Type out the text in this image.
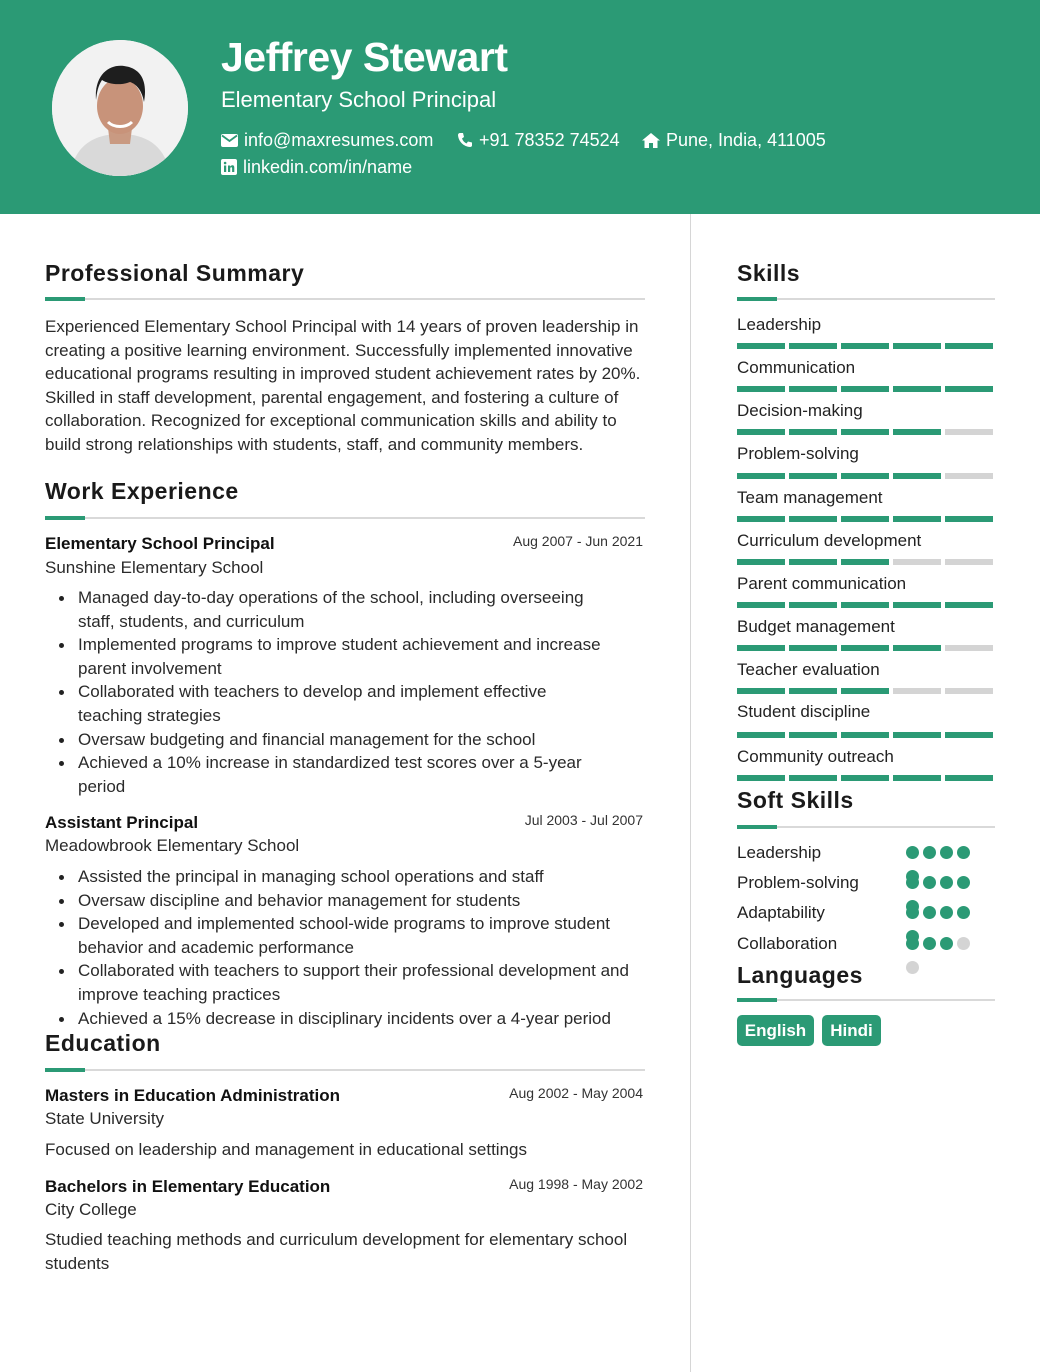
Jeffrey Stewart
Elementary School Principal
info@maxresumes.com	+91 78352 74524	Pune, India, 411005
linkedin.com/in/name
Professional Summary

Experienced Elementary School Principal with 14 years of proven leadership in creating a positive learning environment. Successfully implemented innovative educational programs resulting in improved student achievement rates by 20%. Skilled in staff development, parental engagement, and fostering a culture of collaboration. Recognized for exceptional communication skills and ability to build strong relationships with students, staff, and community members.

Work Experience
Elementary School Principal	Aug 2007 - Jun 2021
Sunshine Elementary School
Managed day-to-day operations of the school, including overseeing staff, students, and curriculum
Implemented programs to improve student achievement and increase parent involvement
Collaborated with teachers to develop and implement effective teaching strategies
Oversaw budgeting and financial management for the school
Achieved a 10% increase in standardized test scores over a 5-year period
Assistant Principal	Jul 2003 - Jul 2007
Meadowbrook Elementary School
Assisted the principal in managing school operations and staff
Oversaw discipline and behavior management for students
Developed and implemented school-wide programs to improve student behavior and academic performance
Collaborated with teachers to support their professional development and improve teaching practices
Achieved a 15% decrease in disciplinary incidents over a 4-year period
Education
Masters in Education Administration	Aug 2002 - May 2004
State University

Focused on leadership and management in educational settings

Bachelors in Elementary Education	Aug 1998 - May 2002
City College

Studied teaching methods and curriculum development for elementary school students

Skills
Leadership
Communication
Decision-making
Problem-solving
Team management
Curriculum development
Parent communication
Budget management
Teacher evaluation
Student discipline
Community outreach
Soft Skills
Leadership
Problem-solving
Adaptability
Collaboration
Languages
English	Hindi
